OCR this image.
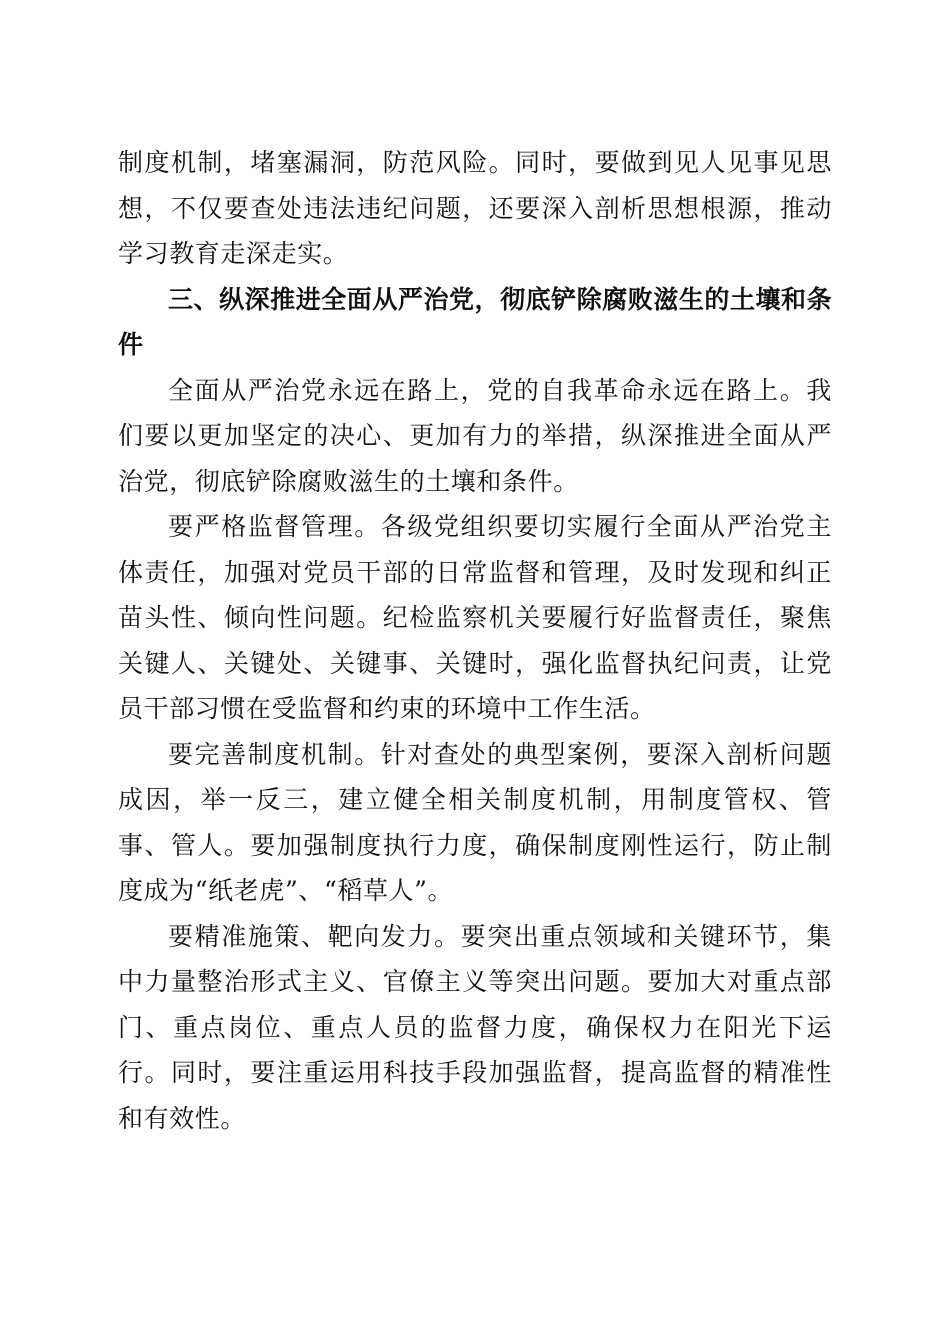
制度机制，堵塞漏洞，防范风险。同时，要做到见人见事见思想，不仅要查处违法违纪问题，还要深入剖析思想根源，推动学习教育走深走实。

三、纵深推进全面从严治党，彻底铲除腐败滋生的土壤和条件

全面从严治党永远在路上，党的自我革命永远在路上。我们要以更加坚定的决心、更加有力的举措，纵深推进全面从严治党，彻底铲除腐败滋生的土壤和条件。

要严格监督管理。各级党组织要切实履行全面从严治党主体责任，加强对党员干部的日常监督和管理，及时发现和纠正苗头性、倾向性问题。纪检监察机关要履行好监督责任，聚焦关键人、关键处、关键事、关键时，强化监督执纪问责，让党员干部习惯在受监督和约束的环境中工作生活。

要完善制度机制。针对查处的典型案例，要深入剖析问题成因，举一反三，建立健全相关制度机制，用制度管权、管事、管人。要加强制度执行力度，确保制度刚性运行，防止制度成为“纸老虎”、“稻草人”。

要精准施策、靶向发力。要突出重点领域和关键环节，集中力量整治形式主义、官僚主义等突出问题。要加大对重点部门、重点岗位、重点人员的监督力度，确保权力在阳光下运行。同时，要注重运用科技手段加强监督，提高监督的精准性和有效性。
